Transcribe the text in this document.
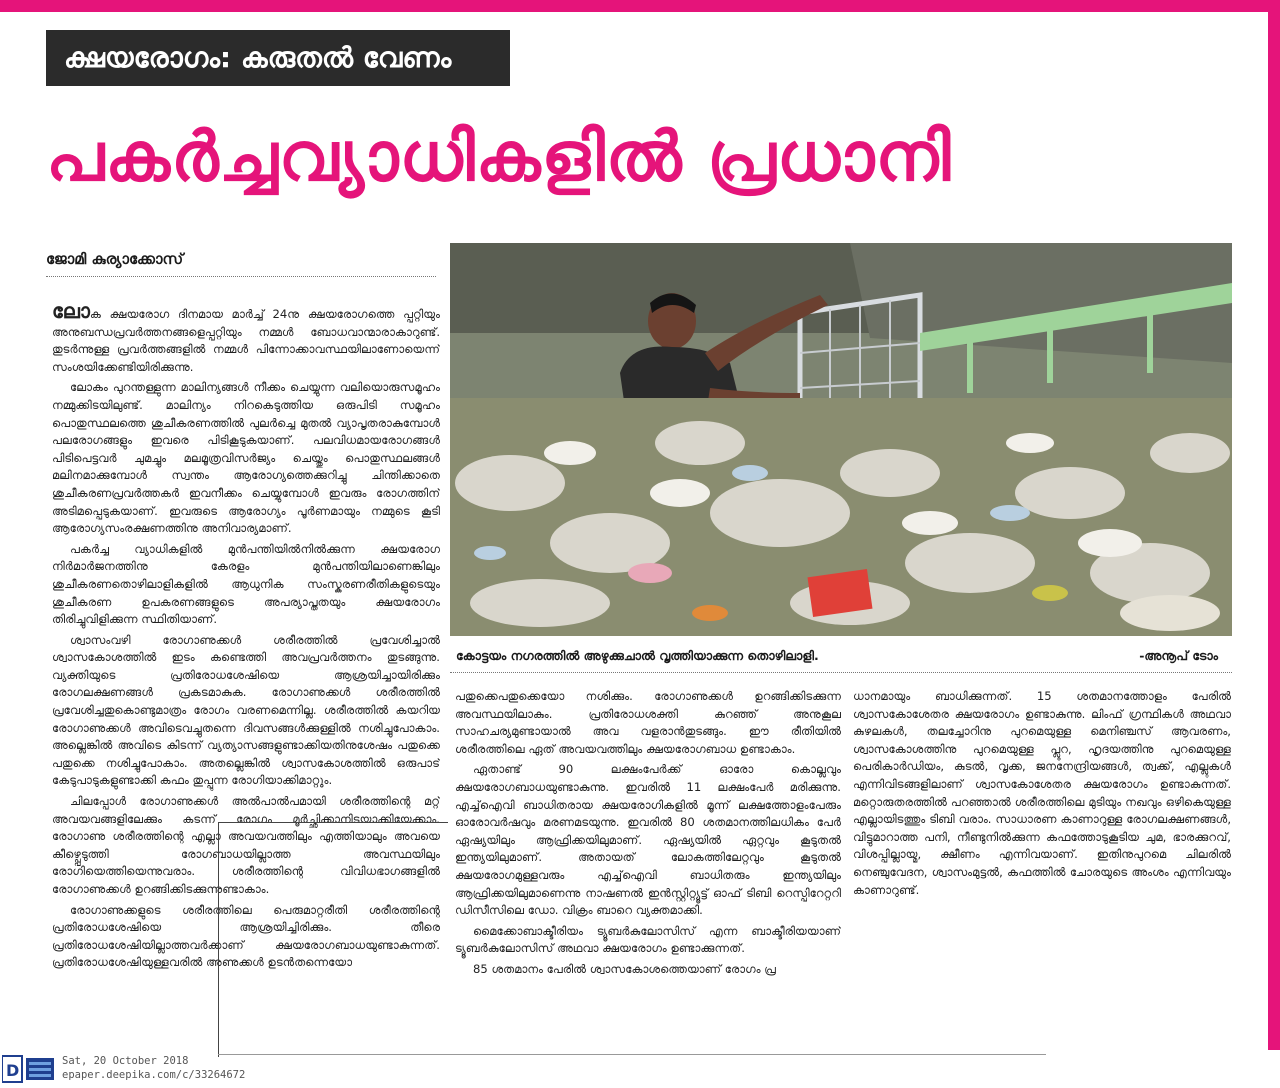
ക്ഷയരോഗം: കരുതൽ വേണം
പകർച്ചവ്യാധികളിൽ പ്രധാനി
ജോമി കുര്യാക്കോസ്

ലോക ക്ഷയരോഗ ദിനമായ മാർച്ച് 24നു ക്ഷയരോഗത്തെ പ്പറ്റിയും അനുബന്ധപ്രവർത്തനങ്ങളെപ്പറ്റിയും നമ്മൾ ബോധവാന്മാരാകാറുണ്ട്. തുടർന്നുള്ള പ്രവർത്തങ്ങളിൽ നമ്മൾ പിന്നോക്കാവസ്ഥയിലാണോയെന്ന് സംശയിക്കേണ്ടിയിരിക്കുന്നു.

ലോകം പുറന്തള്ളുന്ന മാലിന്യങ്ങൾ നീക്കം ചെയ്യുന്ന വലിയൊരുസമൂഹം നമ്മുക്കിടയിലുണ്ട്. മാലിന്യം നിറകെടുത്തിയ ഒരുപിടി സമൂഹം പൊതുസ്ഥലത്തെ ശുചീകരണത്തിൽ പുലർച്ചെ മുതൽ വ്യാപൃതരാകുമ്പോൾ പലരോഗങ്ങളും ഇവരെ പിടികൂടുകയാണ്. പലവിധമായരോഗങ്ങൾ പിടിപെട്ടവർ ചുമച്ചും മലമൂത്രവിസർജ്യം ചെയ്തും പൊതുസ്ഥലങ്ങൾ മലിനമാക്കുമ്പോൾ സ്വന്തം ആരോഗ്യത്തെക്കുറിച്ചു ചിന്തിക്കാതെ ശുചീകരണപ്രവർത്തകർ ഇവനീക്കം ചെയ്യുമ്പോൾ ഇവരും രോഗത്തിന് അടിമപ്പെടുകയാണ്. ഇവരുടെ ആരോഗ്യം പൂർണമായും നമ്മുടെ കൂടി ആരോഗ്യസംരക്ഷണത്തിനു അനിവാര്യമാണ്.

പകർച്ച വ്യാധികളിൽ മുൻപന്തിയിൽനിൽക്കുന്ന ക്ഷയരോഗ നിർമാർജനത്തിനു കേരളം മുൻപന്തിയിലാണെങ്കിലും ശുചീകരണതൊഴിലാളികളിൽ ആധുനിക സംസ്കരണരീതികളുടെയും ശുചീകരണ ഉപകരണങ്ങളുടെ അപര്യാപ്തതയും ക്ഷയരോഗം തിരിച്ചുവിളിക്കുന്ന സ്ഥിതിയാണ്.

ശ്വാസംവഴി രോഗാണുക്കൾ ശരീരത്തിൽ പ്രവേശിച്ചാൽ ശ്വാസകോശത്തിൽ ഇടം കണ്ടെത്തി അവപ്രവർത്തനം തുടങ്ങുന്നു. വ്യക്തിയുടെ പ്രതിരോധശേഷിയെ ആശ്രയിച്ചായിരിക്കും രോഗലക്ഷണങ്ങൾ പ്രകടമാകുക. രോഗാണുക്കൾ ശരീരത്തിൽ പ്രവേശിച്ചതുകൊണ്ടുമാത്രം രോഗം വരണമെന്നില്ല. ശരീരത്തിൽ കയറിയ രോഗാണുക്കൾ അവിടെവച്ചുതന്നെ ദിവസങ്ങൾക്കുള്ളിൽ നശിച്ചുപോകാം. അല്ലെങ്കിൽ അവിടെ കിടന്ന് വ്യത്യാസങ്ങളുണ്ടാക്കിയതിനുശേഷം പതുക്കെ പതുക്കെ നശിച്ചുപോകാം. അതല്ലെങ്കിൽ ശ്വാസകോശത്തിൽ ഒരുപാട് കേടുപാടുകളുണ്ടാക്കി കഫം തുപ്പുന്ന രോഗിയാക്കിമാറ്റും.

ചിലപ്പോൾ രോഗാണുക്കൾ അൽപാൽപമായി ശരീരത്തിന്റെ മറ്റ് അവയവങ്ങളിലേക്കും കടന്ന് രോഗം മൂർച്ഛിക്കാനിടയാക്കിയേക്കാം. രോഗാണു ശരീരത്തിന്റെ എല്ലാ അവയവത്തിലും എത്തിയാലും അവയെ കീഴ്പ്പെടുത്തി രോഗബാധയില്ലാത്ത അവസ്ഥയിലും രോഗിയെത്തിയെന്നുവരാം. ശരീരത്തിന്റെ വിവിധഭാഗങ്ങളിൽ രോഗാണുക്കൾ ഉറങ്ങിക്കിടക്കുന്നുണ്ടാകാം.

രോഗാണുക്കളുടെ ശരീരത്തിലെ പെരുമാറ്റരീതി ശരീരത്തിന്റെ പ്രതിരോധശേഷിയെ ആശ്രയിച്ചിരിക്കും. തീരെ പ്രതിരോധശേഷിയില്ലാത്തവർക്കാണ് ക്ഷയരോഗബാധയുണ്ടാകുന്നത്. പ്രതിരോധശേഷിയുള്ളവരിൽ അണുക്കൾ ഉടൻതന്നെയോ

കോട്ടയം നഗരത്തിൽ അഴുക്കുചാൽ വൃത്തിയാക്കുന്ന തൊഴിലാളി.	-അനൂപ് ടോം

പതുക്കെപതുക്കെയോ നശിക്കും. രോഗാണുക്കൾ ഉറങ്ങിക്കിടക്കുന്ന അവസ്ഥയിലാകും. പ്രതിരോധശക്തി കുറഞ്ഞ് അനുകൂല സാഹചര്യമുണ്ടായാൽ അവ വളരാൻതുടങ്ങും. ഈ രീതിയിൽ ശരീരത്തിലെ ഏത് അവയവത്തിലും ക്ഷയരോഗബാധ ഉണ്ടാകാം.

ഏതാണ്ട് 90 ലക്ഷംപേർക്ക് ഓരോ കൊല്ലവും ക്ഷയരോഗബാധയുണ്ടാകുന്നു. ഇവരിൽ 11 ലക്ഷംപേർ മരിക്കുന്നു. എച്ച്ഐവി ബാധിതരായ ക്ഷയരോഗികളിൽ മൂന്ന് ലക്ഷത്തോളംപേരും ഓരോവർഷവും മരണമടയുന്നു. ഇവരിൽ 80 ശതമാനത്തിലധികം പേർ ഏഷ്യയിലും ആഫ്രിക്കയിലുമാണ്. ഏഷ്യയിൽ ഏറ്റവും കൂടുതൽ ഇന്ത്യയിലുമാണ്. അതായത് ലോകത്തിലേറ്റവും കൂടുതൽ ക്ഷയരോഗമുള്ളവരും എച്ച്ഐവി ബാധിതരും ഇന്ത്യയിലും ആഫ്രിക്കയിലുമാണെന്നു നാഷണൽ ഇൻസ്റ്റിറ്റ്യൂട്ട് ഓഫ് ടിബി റെസ്പിറേറ്ററി ഡിസീസിലെ ഡോ. വിക്രം ബാറെ വ്യക്തമാക്കി.

മൈക്കോബാക്ടീരിയം ട്യൂബർകുലോസിസ് എന്ന ബാക്ടീരിയയാണ് ട്യൂബർകുലോസിസ് അഥവാ ക്ഷയരോഗം ഉണ്ടാക്കുന്നത്.

85 ശതമാനം പേരിൽ ശ്വാസകോശത്തെയാണ് രോഗം പ്ര

ധാനമായും ബാധിക്കുന്നത്. 15 ശതമാനത്തോളം പേരിൽ ശ്വാസകോശേതര ക്ഷയരോഗം ഉണ്ടാകുന്നു. ലിംഫ് ഗ്രന്ഥികൾ അഥവാ കുഴലകൾ, തലച്ചോറിനു പുറമെയുള്ള മെനിഞ്ചസ് ആവരണം, ശ്വാസകോശത്തിനു പുറമെയുള്ള പ്ലൂറ, ഹൃദയത്തിനു പുറമെയുള്ള പെരികാർഡിയം, കുടൽ, വൃക്ക, ജനനേന്ദ്രിയങ്ങൾ, ത്വക്ക്, എല്ലുകൾ എന്നിവിടങ്ങളിലാണ് ശ്വാസകോശേതര ക്ഷയരോഗം ഉണ്ടാകുന്നത്. മറ്റൊരുതരത്തിൽ പറഞ്ഞാൽ ശരീരത്തിലെ മുടിയും നഖവും ഒഴികെയുള്ള എല്ലായിടത്തും ടിബി വരാം. സാധാരണ കാണാറുള്ള രോഗലക്ഷണങ്ങൾ, വിട്ടുമാറാത്ത പനി, നീണ്ടുനിൽക്കുന്ന കഫത്തോടുകൂടിയ ചുമ, ഭാരക്കുറവ്, വിശപ്പില്ലായ്മ, ക്ഷീണം എന്നിവയാണ്. ഇതിനുപുറമെ ചിലരിൽ നെഞ്ചുവേദന, ശ്വാസംമുട്ടൽ, കഫത്തിൽ ചോരയുടെ അംശം എന്നിവയും കാണാറുണ്ട്.

D	Sat, 20 October 2018
epaper.deepika.com/c/33264672
